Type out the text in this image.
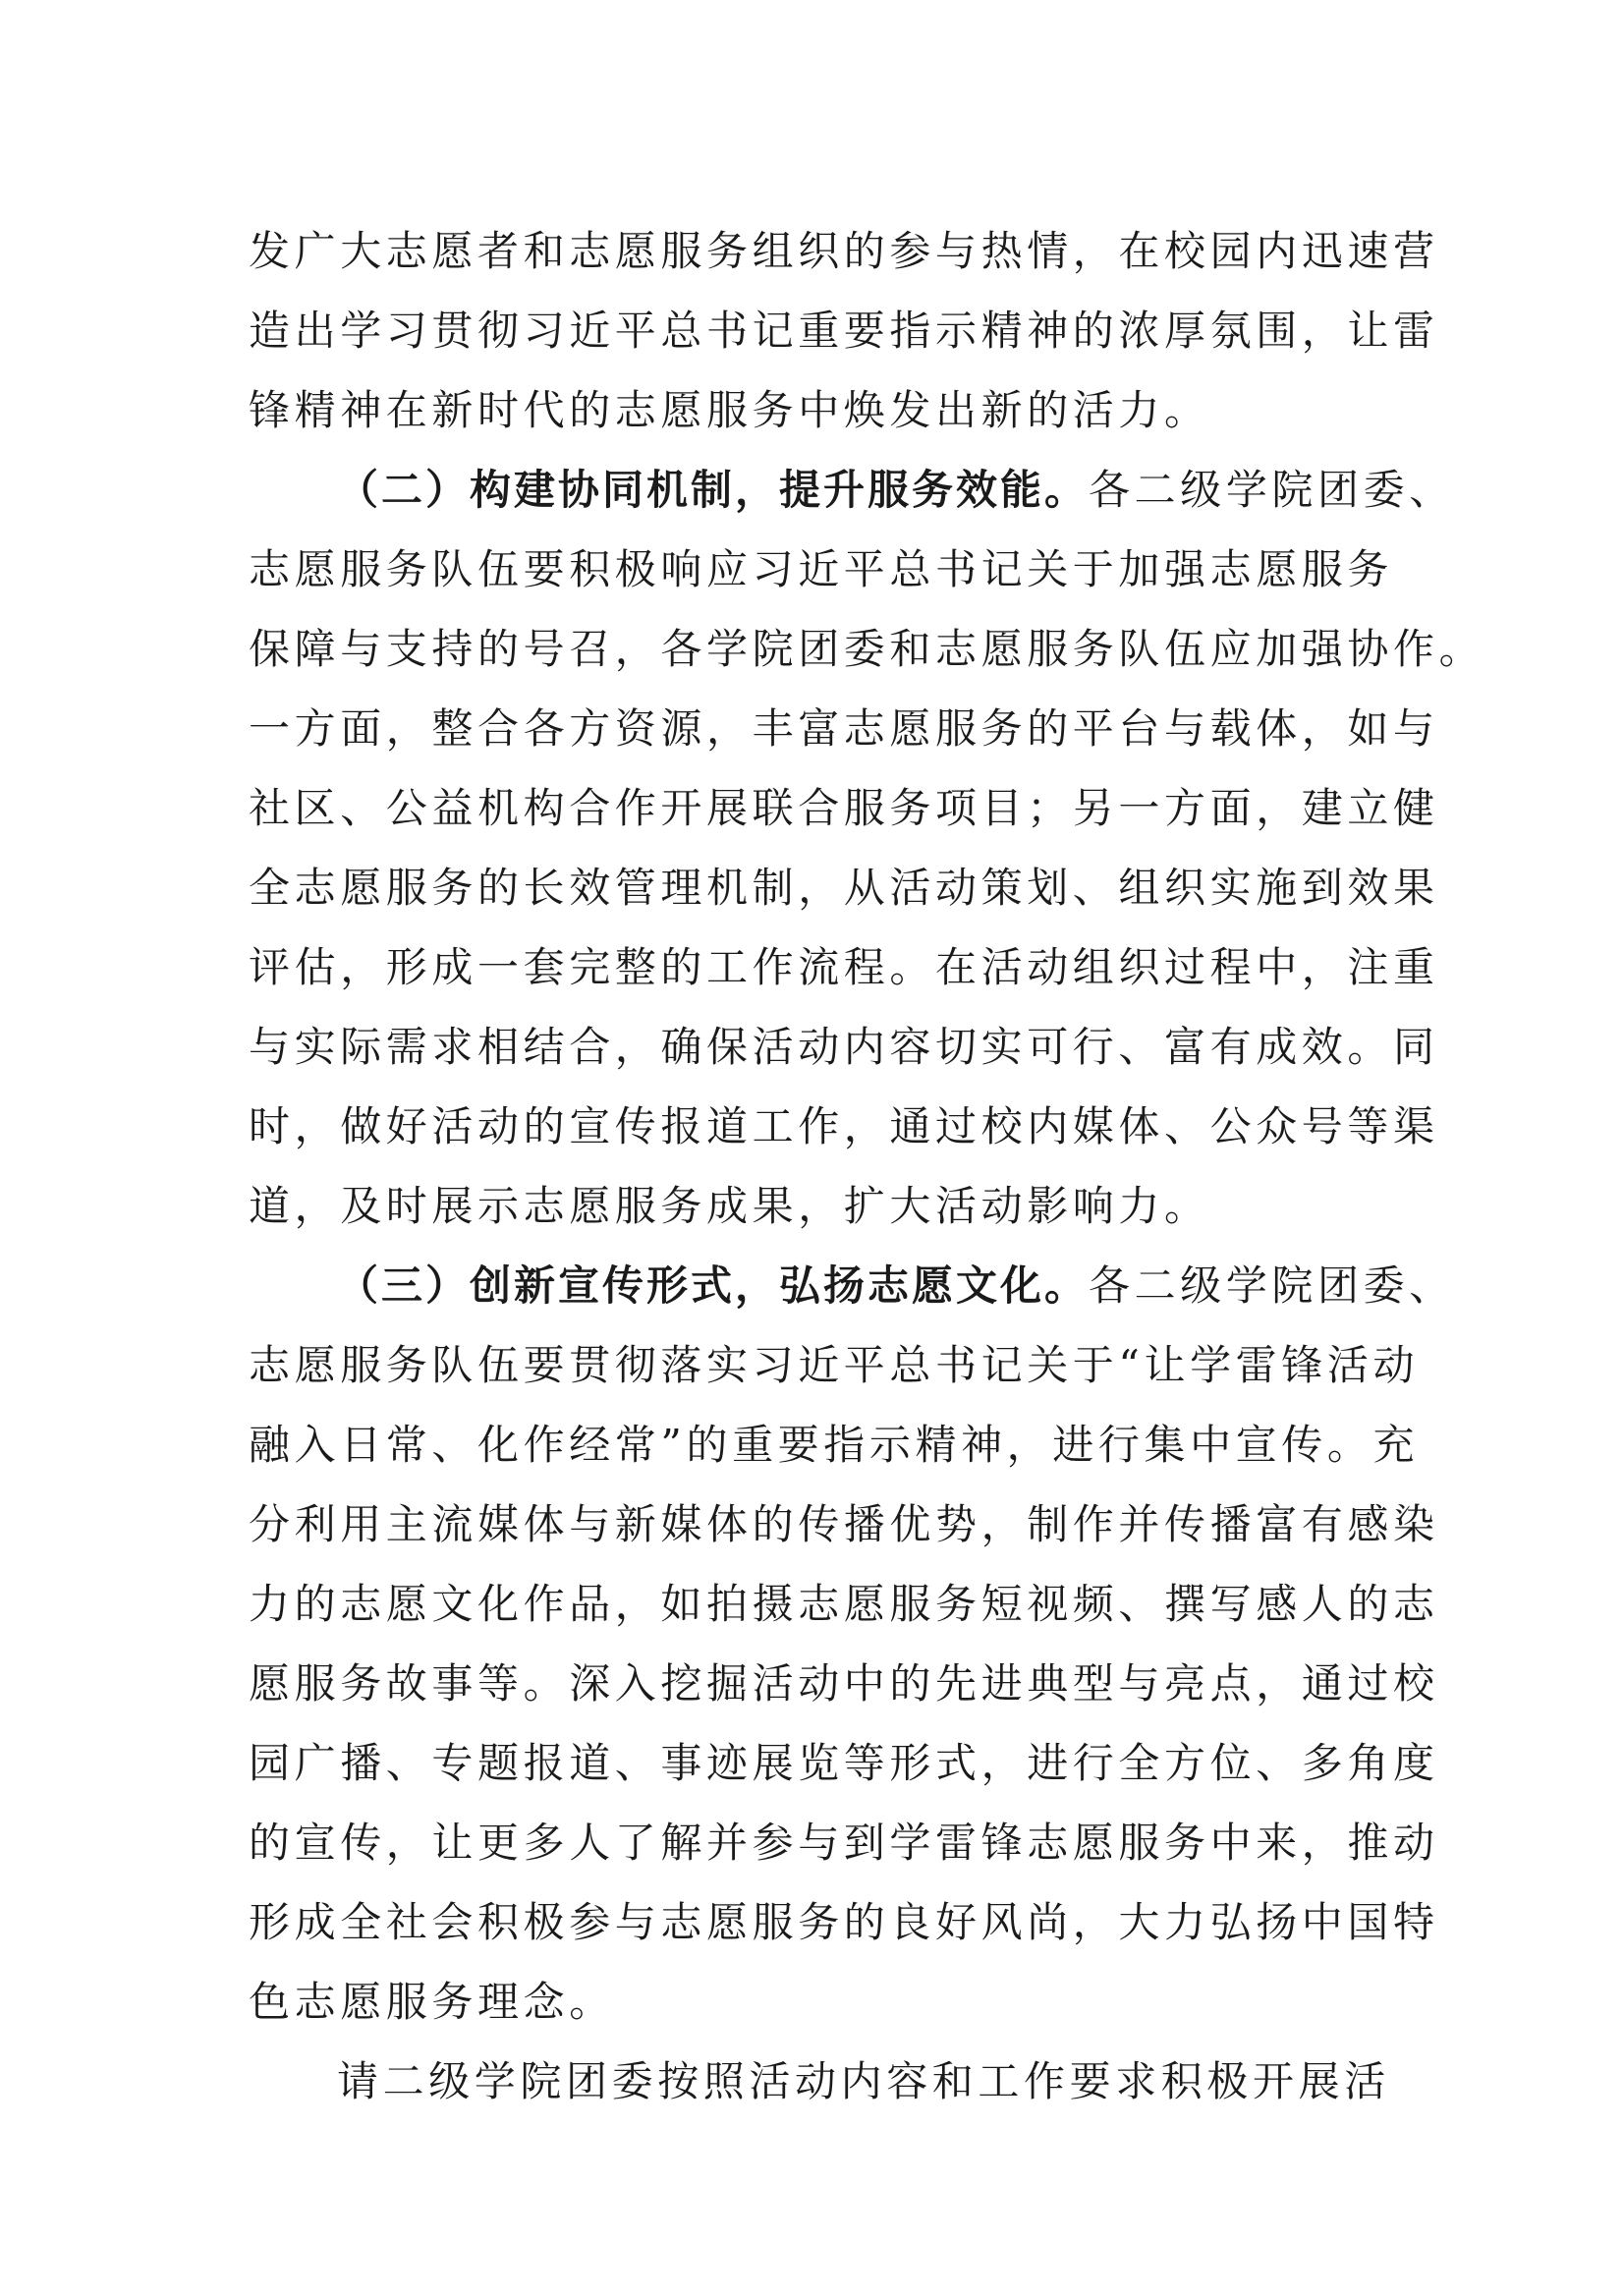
发广大志愿者和志愿服务组织的参与热情，在校园内迅速营
造出学习贯彻习近平总书记重要指示精神的浓厚氛围，让雷
锋精神在新时代的志愿服务中焕发出新的活力。
（二）构建协同机制，提升服务效能。各二级学院团委、
志愿服务队伍要积极响应习近平总书记关于加强志愿服务
保障与支持的号召，各学院团委和志愿服务队伍应加强协作。
一方面，整合各方资源，丰富志愿服务的平台与载体，如与
社区、公益机构合作开展联合服务项目；另一方面，建立健
全志愿服务的长效管理机制，从活动策划、组织实施到效果
评估，形成一套完整的工作流程。在活动组织过程中，注重
与实际需求相结合，确保活动内容切实可行、富有成效。同
时，做好活动的宣传报道工作，通过校内媒体、公众号等渠
道，及时展示志愿服务成果，扩大活动影响力。
（三）创新宣传形式，弘扬志愿文化。各二级学院团委、
志愿服务队伍要贯彻落实习近平总书记关于“让学雷锋活动
融入日常、化作经常”的重要指示精神，进行集中宣传。充
分利用主流媒体与新媒体的传播优势，制作并传播富有感染
力的志愿文化作品，如拍摄志愿服务短视频、撰写感人的志
愿服务故事等。深入挖掘活动中的先进典型与亮点，通过校
园广播、专题报道、事迹展览等形式，进行全方位、多角度
的宣传，让更多人了解并参与到学雷锋志愿服务中来，推动
形成全社会积极参与志愿服务的良好风尚，大力弘扬中国特
色志愿服务理念。
请二级学院团委按照活动内容和工作要求积极开展活
